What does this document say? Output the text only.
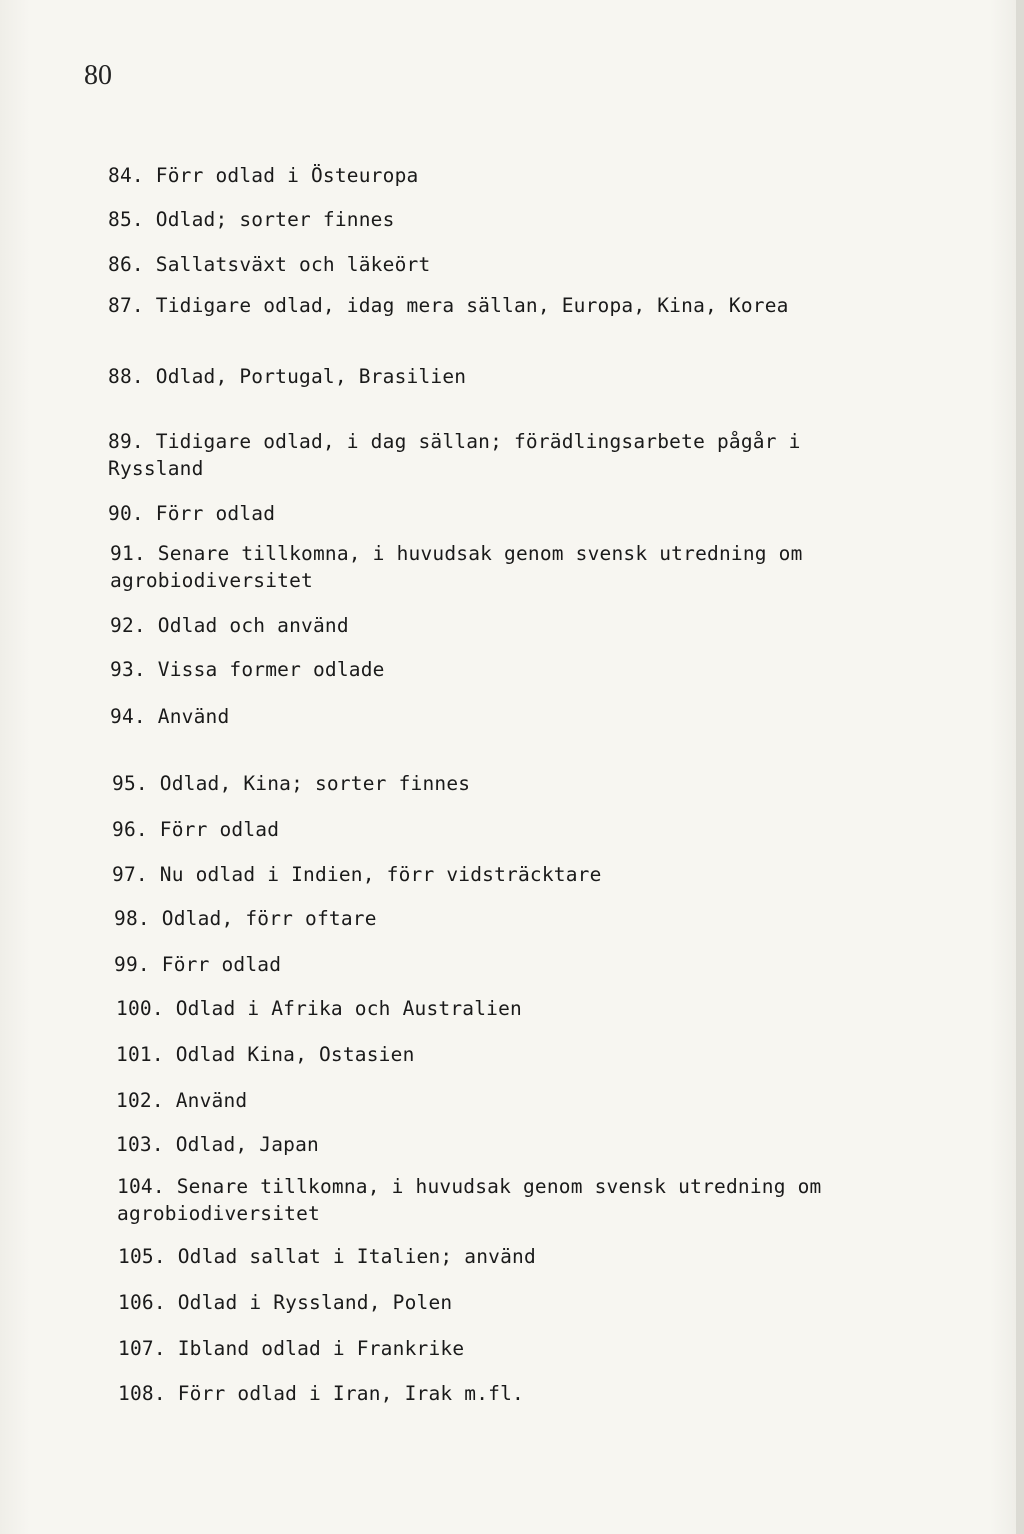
80
84. Förr odlad i Östeuropa
85. Odlad; sorter finnes
86. Sallatsväxt och läkeört
87. Tidigare odlad, idag mera sällan, Europa, Kina, Korea
88. Odlad, Portugal, Brasilien
89. Tidigare odlad, i dag sällan; förädlingsarbete pågår i
Ryssland
90. Förr odlad
91. Senare tillkomna, i huvudsak genom svensk utredning om
agrobiodiversitet
92. Odlad och använd
93. Vissa former odlade
94. Använd
95. Odlad, Kina; sorter finnes
96. Förr odlad
97. Nu odlad i Indien, förr vidsträcktare
98. Odlad, förr oftare
99. Förr odlad
100. Odlad i Afrika och Australien
101. Odlad Kina, Ostasien
102. Använd
103. Odlad, Japan
104. Senare tillkomna, i huvudsak genom svensk utredning om
agrobiodiversitet
105. Odlad sallat i Italien; använd
106. Odlad i Ryssland, Polen
107. Ibland odlad i Frankrike
108. Förr odlad i Iran, Irak m.fl.
